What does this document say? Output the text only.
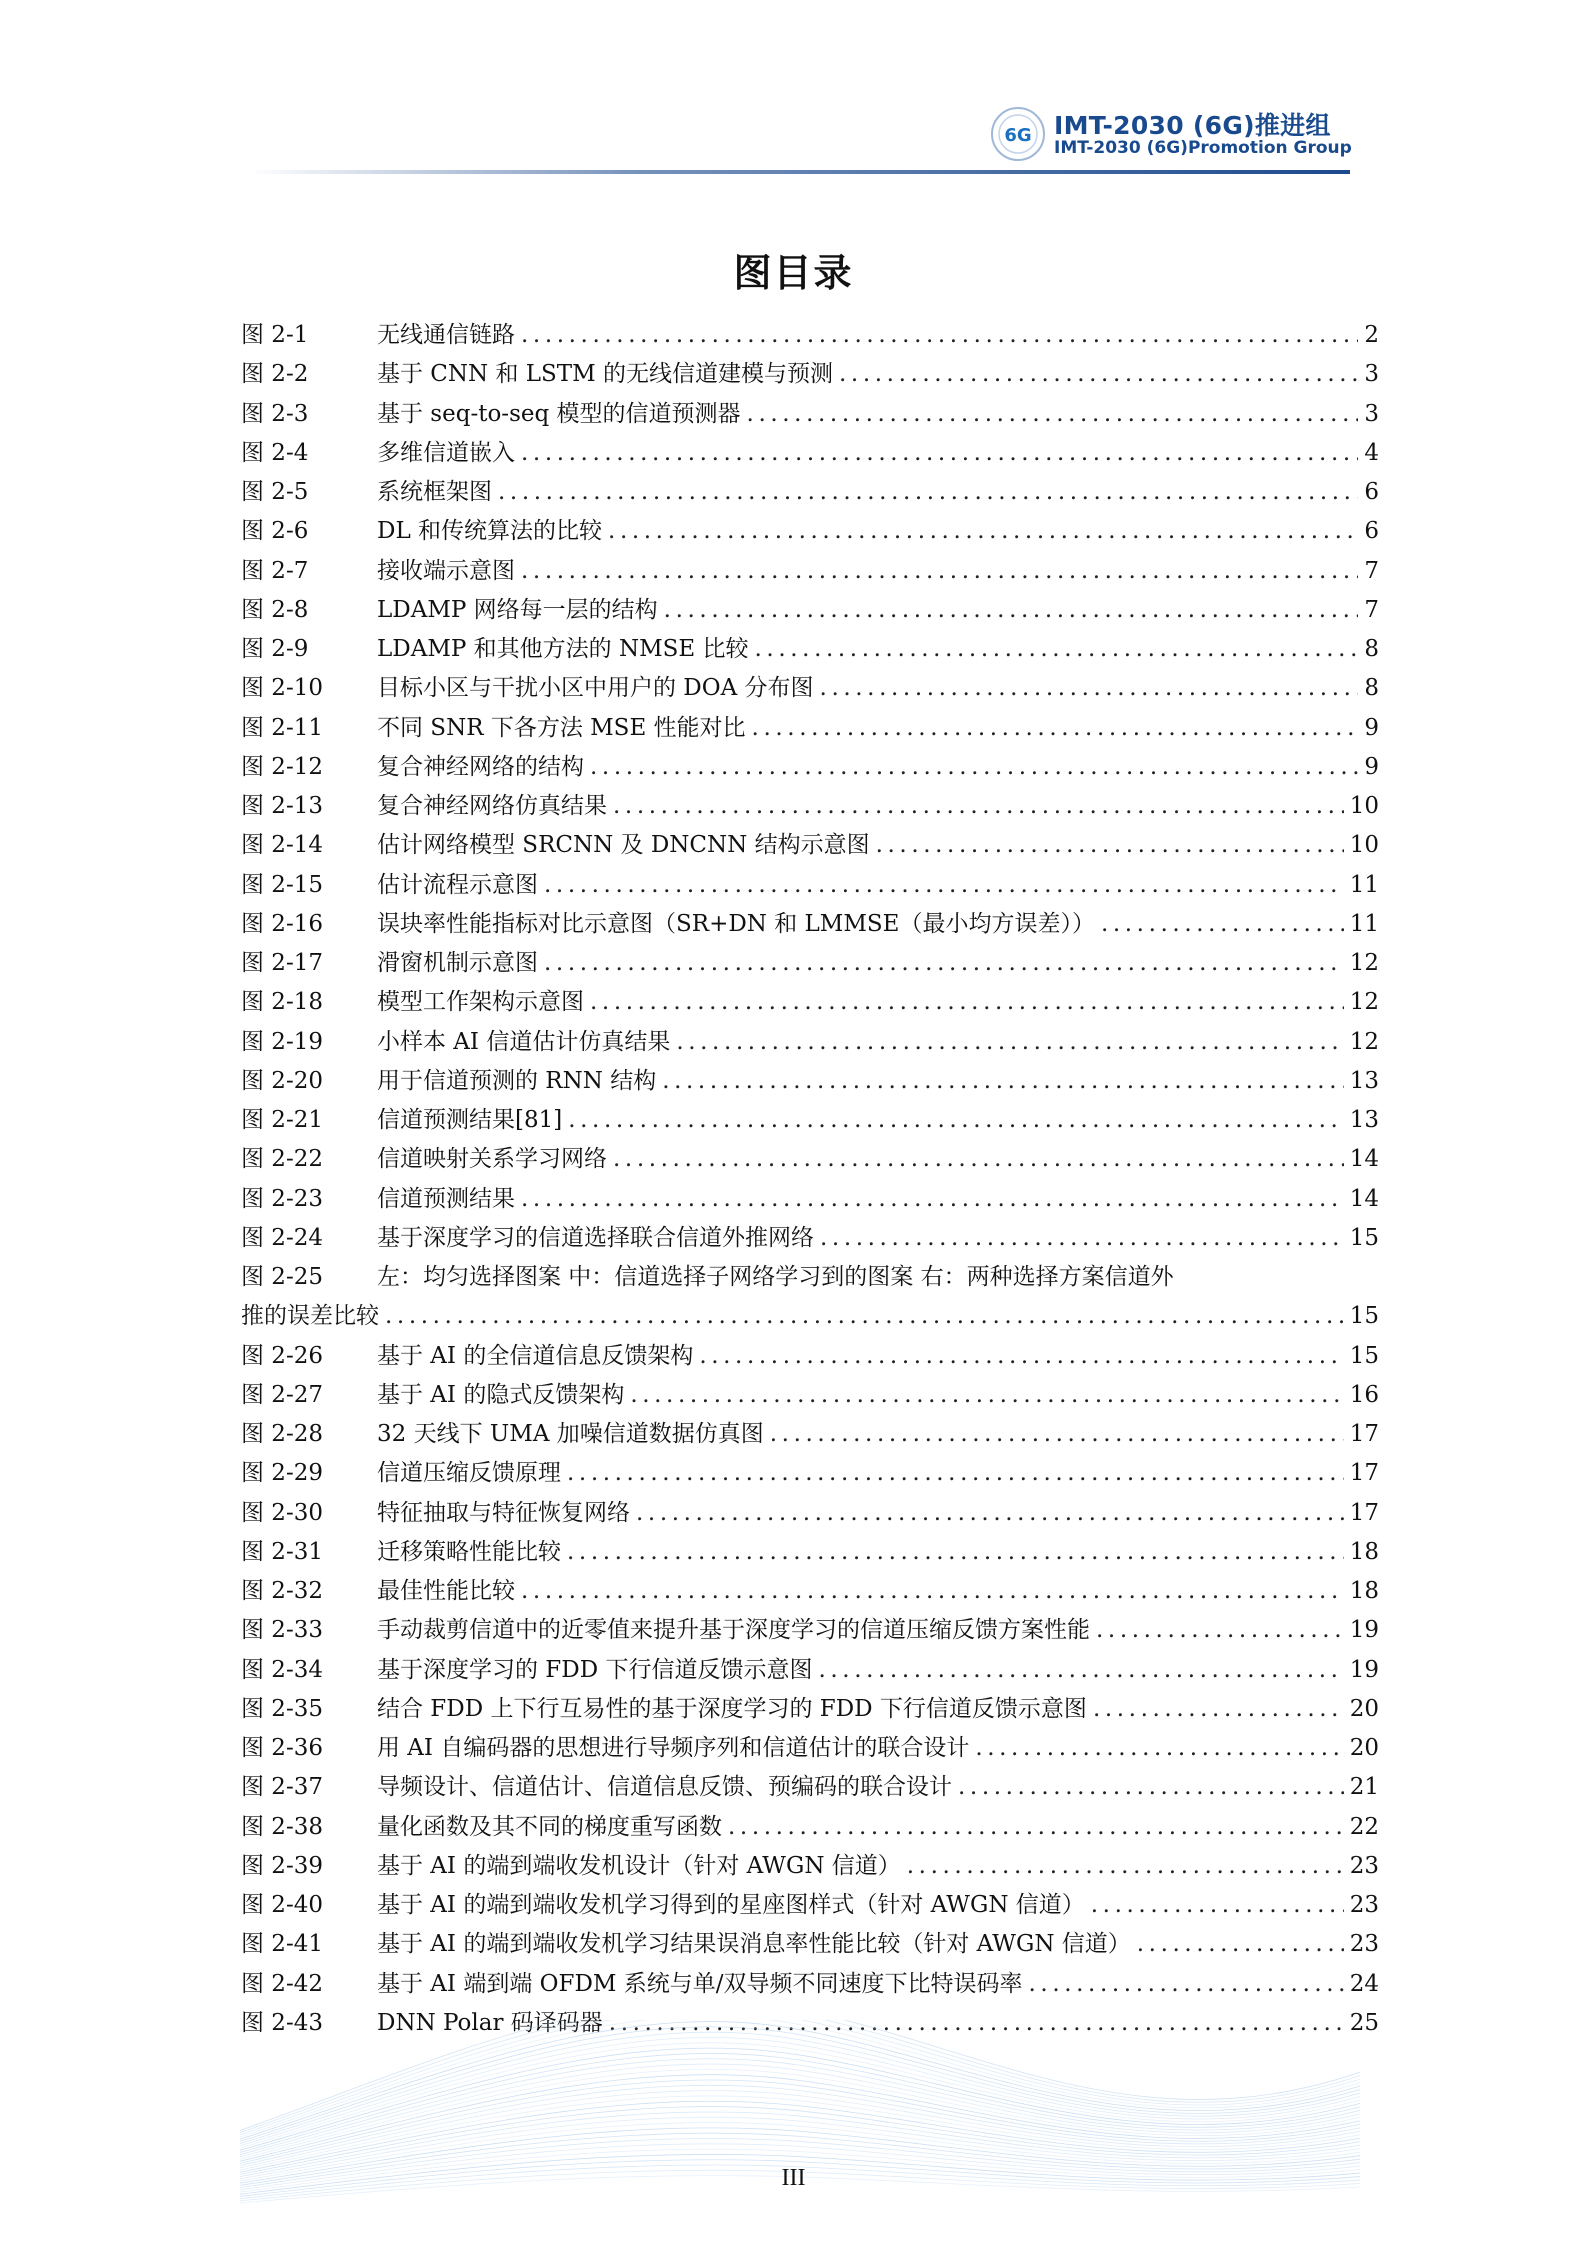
6G IMT-2030 (6G)推进组
IMT-2030 (6G)Promotion Group
图目录
图 2-1	无线通信链路 .....	2
图 2-2	基于 CNN 和 LSTM 的无线信道建模与预测 .....	3
图 2-3	基于 seq-to-seq 模型的信道预测器 .....	3
图 2-4	多维信道嵌入 .....	4
图 2-5	系统框架图 .....	6
图 2-6	DL 和传统算法的比较 .....	6
图 2-7	接收端示意图 .....	7
图 2-8	LDAMP 网络每一层的结构 .....	7
图 2-9	LDAMP 和其他方法的 NMSE 比较 .....	8
图 2-10	目标小区与干扰小区中用户的 DOA 分布图 .....	8
图 2-11	不同 SNR 下各方法 MSE 性能对比 .....	9
图 2-12	复合神经网络的结构 .....	9
图 2-13	复合神经网络仿真结果 .....	10
图 2-14	估计网络模型 SRCNN 及 DNCNN 结构示意图 .....	10
图 2-15	估计流程示意图 .....	11
图 2-16	误块率性能指标对比示意图（SR+DN 和 LMMSE（最小均方误差）） .....	11
图 2-17	滑窗机制示意图 .....	12
图 2-18	模型工作架构示意图 .....	12
图 2-19	小样本 AI 信道估计仿真结果 .....	12
图 2-20	用于信道预测的 RNN 结构 .....	13
图 2-21	信道预测结果[81] .....	13
图 2-22	信道映射关系学习网络 .....	14
图 2-23	信道预测结果 .....	14
图 2-24	基于深度学习的信道选择联合信道外推网络 .....	15
图 2-25	左：均匀选择图案 中：信道选择子网络学习到的图案 右：两种选择方案信道外
推的误差比较 .....	15
图 2-26	基于 AI 的全信道信息反馈架构 .....	15
图 2-27	基于 AI 的隐式反馈架构 .....	16
图 2-28	32 天线下 UMA 加噪信道数据仿真图 .....	17
图 2-29	信道压缩反馈原理 .....	17
图 2-30	特征抽取与特征恢复网络 .....	17
图 2-31	迁移策略性能比较 .....	18
图 2-32	最佳性能比较 .....	18
图 2-33	手动裁剪信道中的近零值来提升基于深度学习的信道压缩反馈方案性能 .....	19
图 2-34	基于深度学习的 FDD 下行信道反馈示意图 .....	19
图 2-35	结合 FDD 上下行互易性的基于深度学习的 FDD 下行信道反馈示意图 .....	20
图 2-36	用 AI 自编码器的思想进行导频序列和信道估计的联合设计 .....	20
图 2-37	导频设计、信道估计、信道信息反馈、预编码的联合设计 .....	21
图 2-38	量化函数及其不同的梯度重写函数 .....	22
图 2-39	基于 AI 的端到端收发机设计（针对 AWGN 信道） .....	23
图 2-40	基于 AI 的端到端收发机学习得到的星座图样式（针对 AWGN 信道） .....	23
图 2-41	基于 AI 的端到端收发机学习结果误消息率性能比较（针对 AWGN 信道） .....	23
图 2-42	基于 AI 端到端 OFDM 系统与单/双导频不同速度下比特误码率 .....	24
图 2-43	DNN Polar 码译码器 .....	25
III
